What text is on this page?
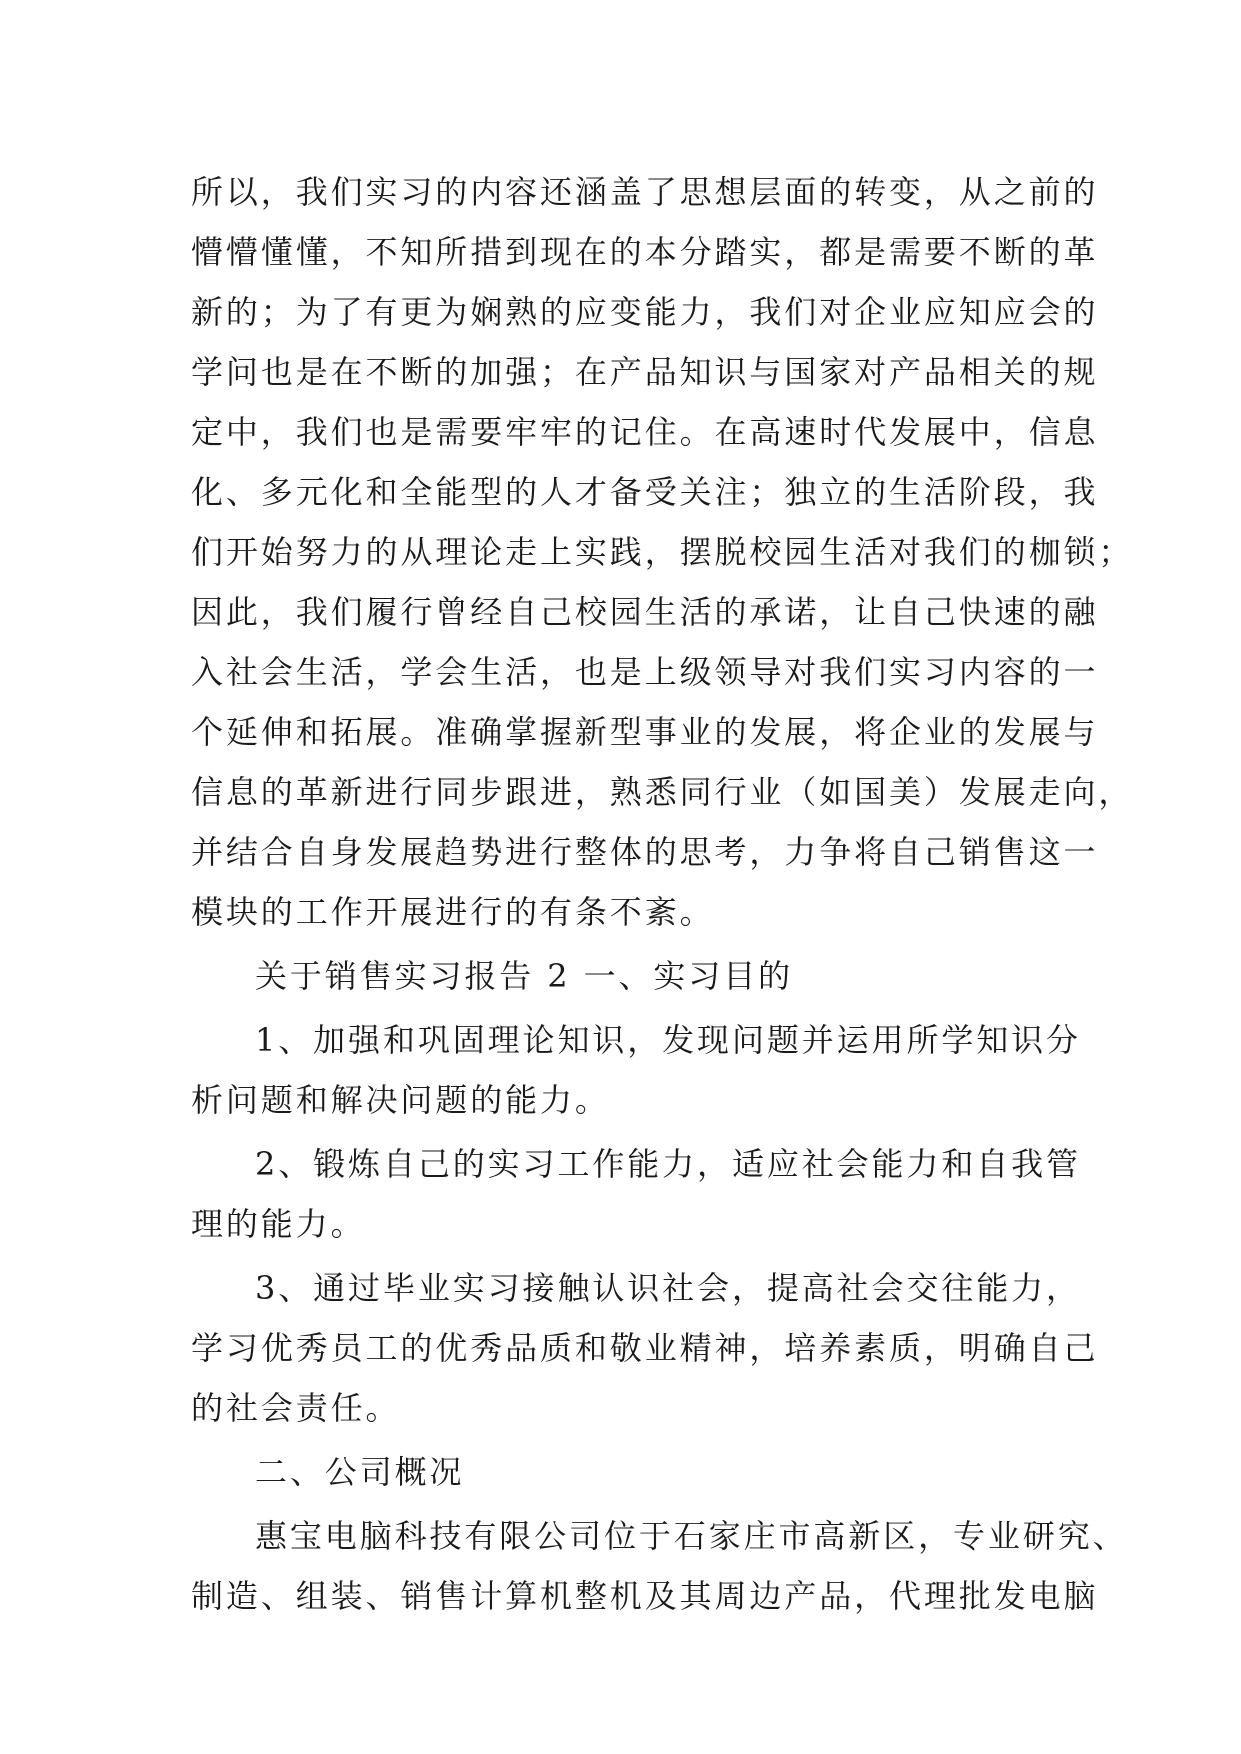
所以，我们实习的内容还涵盖了思想层面的转变，从之前的
懵懵懂懂，不知所措到现在的本分踏实，都是需要不断的革
新的；为了有更为娴熟的应变能力，我们对企业应知应会的
学问也是在不断的加强；在产品知识与国家对产品相关的规
定中，我们也是需要牢牢的记住。在高速时代发展中，信息
化、多元化和全能型的人才备受关注；独立的生活阶段，我
们开始努力的从理论走上实践，摆脱校园生活对我们的枷锁；
因此，我们履行曾经自己校园生活的承诺，让自己快速的融
入社会生活，学会生活，也是上级领导对我们实习内容的一
个延伸和拓展。准确掌握新型事业的发展，将企业的发展与
信息的革新进行同步跟进，熟悉同行业（如国美）发展走向，
并结合自身发展趋势进行整体的思考，力争将自己销售这一
模块的工作开展进行的有条不紊。
关于销售实习报告 2 一、实习目的
1、加强和巩固理论知识，发现问题并运用所学知识分
析问题和解决问题的能力。
2、锻炼自己的实习工作能力，适应社会能力和自我管
理的能力。
3、通过毕业实习接触认识社会，提高社会交往能力，
学习优秀员工的优秀品质和敬业精神，培养素质，明确自己
的社会责任。
二、公司概况
惠宝电脑科技有限公司位于石家庄市高新区，专业研究、
制造、组装、销售计算机整机及其周边产品，代理批发电脑
